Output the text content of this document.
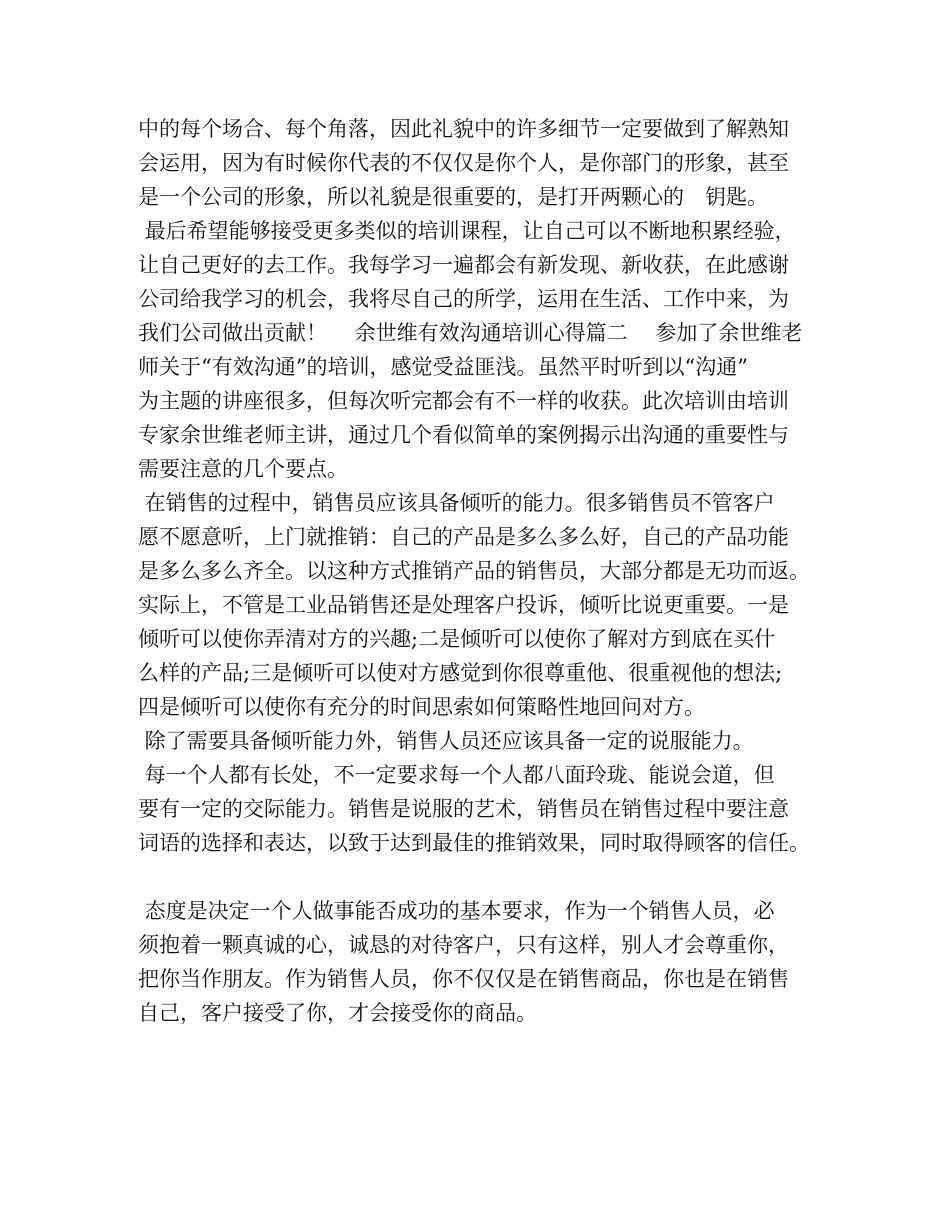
中的每个场合、每个角落，因此礼貌中的许多细节一定要做到了解熟知
会运用，因为有时候你代表的不仅仅是你个人，是你部门的形象，甚至
是一个公司的形象，所以礼貌是很重要的，是打开两颗心的　钥匙。
最后希望能够接受更多类似的培训课程，让自己可以不断地积累经验，
让自己更好的去工作。我每学习一遍都会有新发现、新收获，在此感谢
公司给我学习的机会，我将尽自己的所学，运用在生活、工作中来，为
我们公司做出贡献！　 余世维有效沟通培训心得篇二　 参加了余世维老
师关于“有效沟通”的培训，感觉受益匪浅。虽然平时听到以“沟通”
为主题的讲座很多，但每次听完都会有不一样的收获。此次培训由培训
专家余世维老师主讲，通过几个看似简单的案例揭示出沟通的重要性与
需要注意的几个要点。
在销售的过程中，销售员应该具备倾听的能力。很多销售员不管客户
愿不愿意听，上门就推销：自己的产品是多么多么好，自己的产品功能
是多么多么齐全。以这种方式推销产品的销售员，大部分都是无功而返。
实际上，不管是工业品销售还是处理客户投诉，倾听比说更重要。一是
倾听可以使你弄清对方的兴趣;二是倾听可以使你了解对方到底在买什
么样的产品;三是倾听可以使对方感觉到你很尊重他、很重视他的想法;
四是倾听可以使你有充分的时间思索如何策略性地回问对方。
除了需要具备倾听能力外，销售人员还应该具备一定的说服能力。
每一个人都有长处，不一定要求每一个人都八面玲珑、能说会道，但
要有一定的交际能力。销售是说服的艺术，销售员在销售过程中要注意
词语的选择和表达，以致于达到最佳的推销效果，同时取得顾客的信任。
态度是决定一个人做事能否成功的基本要求，作为一个销售人员，必
须抱着一颗真诚的心，诚恳的对待客户，只有这样，别人才会尊重你，
把你当作朋友。作为销售人员，你不仅仅是在销售商品，你也是在销售
自己，客户接受了你，才会接受你的商品。
